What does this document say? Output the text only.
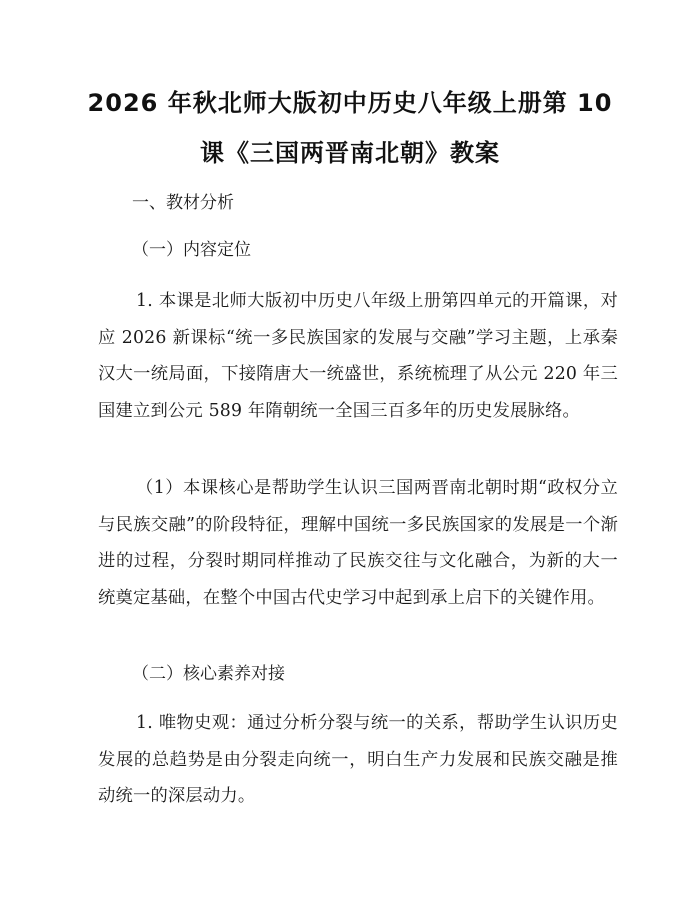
2026 年秋北师大版初中历史八年级上册第 10
课《三国两晋南北朝》教案
一、教材分析
（一）内容定位
1. 本课是北师大版初中历史八年级上册第四单元的开篇课，对应 2026 新课标“统一多民族国家的发展与交融”学习主题，上承秦汉大一统局面，下接隋唐大一统盛世，系统梳理了从公元 220 年三国建立到公元 589 年隋朝统一全国三百多年的历史发展脉络。
（1）本课核心是帮助学生认识三国两晋南北朝时期“政权分立与民族交融”的阶段特征，理解中国统一多民族国家的发展是一个渐进的过程，分裂时期同样推动了民族交往与文化融合，为新的大一统奠定基础，在整个中国古代史学习中起到承上启下的关键作用。
（二）核心素养对接
1. 唯物史观：通过分析分裂与统一的关系，帮助学生认识历史发展的总趋势是由分裂走向统一，明白生产力发展和民族交融是推动统一的深层动力。
